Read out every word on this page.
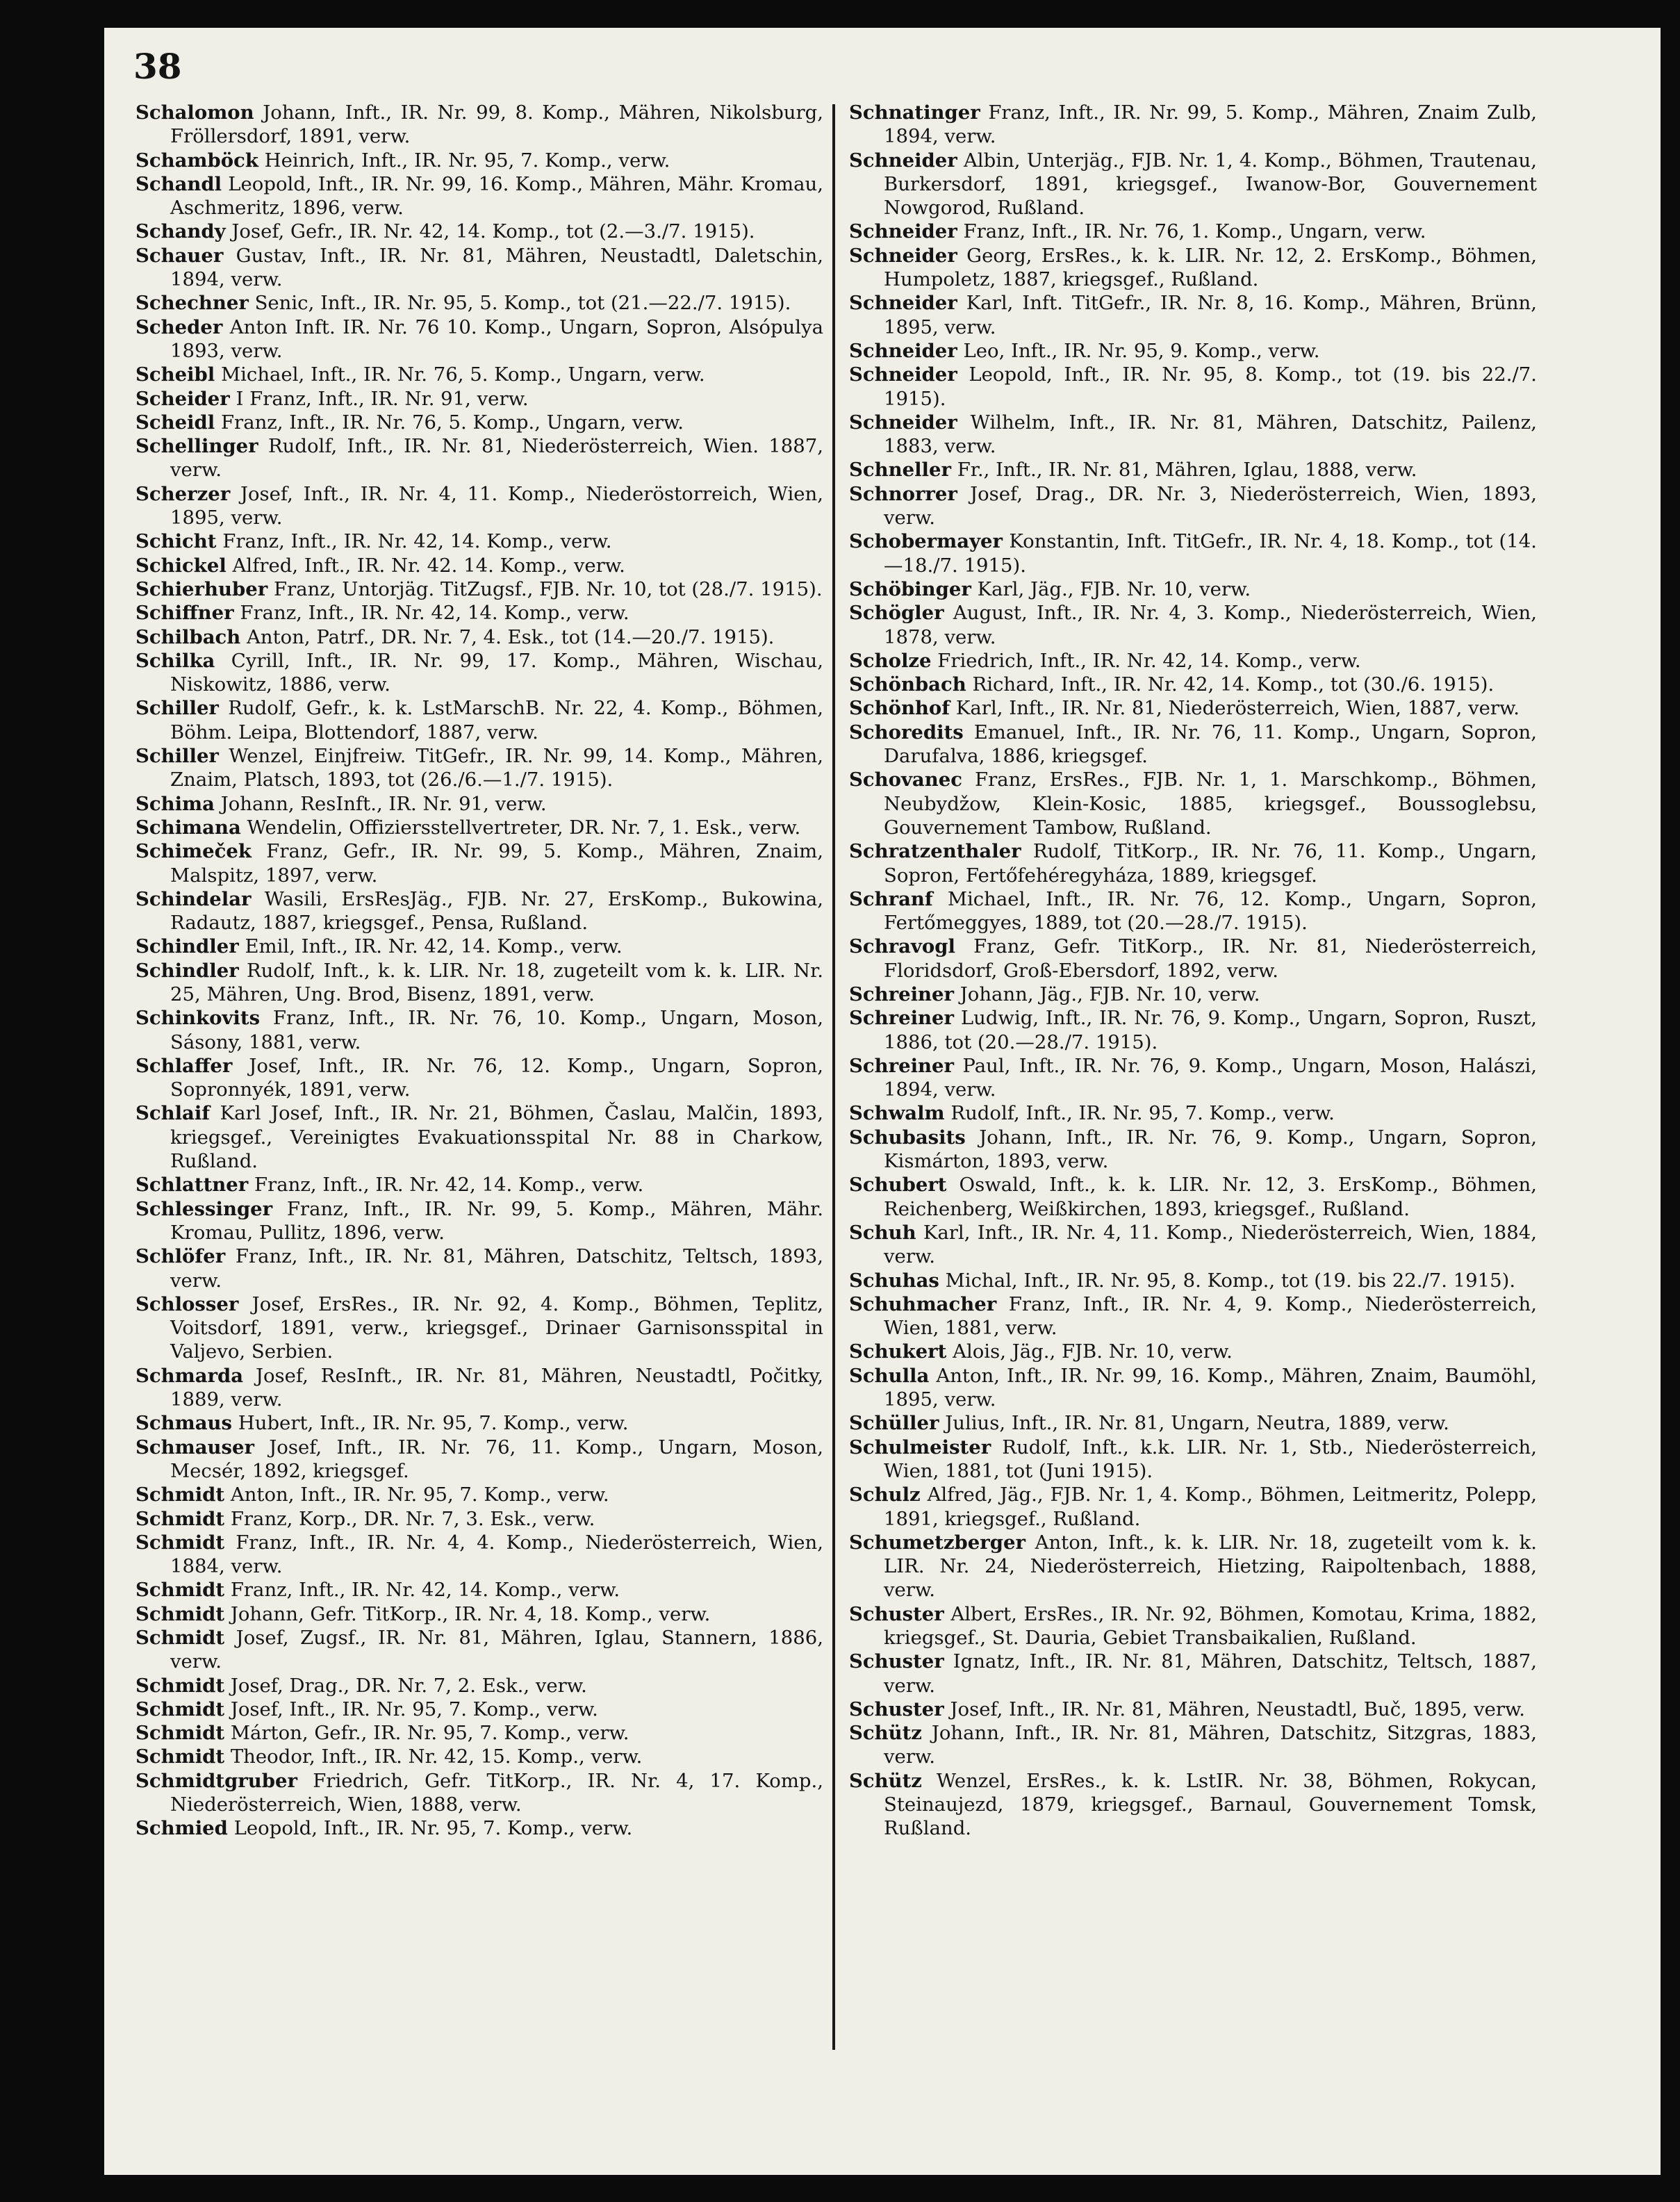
38

Schalomon Johann, Inft., IR. Nr. 99, 8. Komp., Mähren, Nikolsburg, Fröllersdorf, 1891, verw.

Schamböck Heinrich, Inft., IR. Nr. 95, 7. Komp., verw.

Schandl Leopold, Inft., IR. Nr. 99, 16. Komp., Mähren, Mähr. Kromau, Aschmeritz, 1896, verw.

Schandy Josef, Gefr., IR. Nr. 42, 14. Komp., tot (2.—3./7. 1915).

Schauer Gustav, Inft., IR. Nr. 81, Mähren, Neustadtl, Daletschin, 1894, verw.

Schechner Senic, Inft., IR. Nr. 95, 5. Komp., tot (21.—22./7. 1915).

Scheder Anton Inft. IR. Nr. 76 10. Komp., Ungarn, Sopron, Alsópulya 1893, verw.

Scheibl Michael, Inft., IR. Nr. 76, 5. Komp., Ungarn, verw.

Scheider I Franz, Inft., IR. Nr. 91, verw.

Scheidl Franz, Inft., IR. Nr. 76, 5. Komp., Ungarn, verw.

Schellinger Rudolf, Inft., IR. Nr. 81, Niederösterreich, Wien. 1887, verw.

Scherzer Josef, Inft., IR. Nr. 4, 11. Komp., Niederöstorreich, Wien, 1895, verw.

Schicht Franz, Inft., IR. Nr. 42, 14. Komp., verw.

Schickel Alfred, Inft., IR. Nr. 42. 14. Komp., verw.

Schierhuber Franz, Untorjäg. TitZugsf., FJB. Nr. 10, tot (28./7. 1915).

Schiffner Franz, Inft., IR. Nr. 42, 14. Komp., verw.

Schilbach Anton, Patrf., DR. Nr. 7, 4. Esk., tot (14.—20./7. 1915).

Schilka Cyrill, Inft., IR. Nr. 99, 17. Komp., Mähren, Wischau, Niskowitz, 1886, verw.

Schiller Rudolf, Gefr., k. k. LstMarschB. Nr. 22, 4. Komp., Böhmen, Böhm. Leipa, Blottendorf, 1887, verw.

Schiller Wenzel, Einjfreiw. TitGefr., IR. Nr. 99, 14. Komp., Mähren, Znaim, Platsch, 1893, tot (26./6.—1./7. 1915).

Schima Johann, ResInft., IR. Nr. 91, verw.

Schimana Wendelin, Offiziersstellvertreter, DR. Nr. 7, 1. Esk., verw.

Schimeček Franz, Gefr., IR. Nr. 99, 5. Komp., Mähren, Znaim, Malspitz, 1897, verw.

Schindelar Wasili, ErsResJäg., FJB. Nr. 27, ErsKomp., Bukowina, Radautz, 1887, kriegsgef., Pensa, Rußland.

Schindler Emil, Inft., IR. Nr. 42, 14. Komp., verw.

Schindler Rudolf, Inft., k. k. LIR. Nr. 18, zugeteilt vom k. k. LIR. Nr. 25, Mähren, Ung. Brod, Bisenz, 1891, verw.

Schinkovits Franz, Inft., IR. Nr. 76, 10. Komp., Ungarn, Moson, Sásony, 1881, verw.

Schlaffer Josef, Inft., IR. Nr. 76, 12. Komp., Ungarn, Sopron, Sopronnyék, 1891, verw.

Schlaif Karl Josef, Inft., IR. Nr. 21, Böhmen, Časlau, Malčin, 1893, kriegsgef., Vereinigtes Evakuationsspital Nr. 88 in Charkow, Rußland.

Schlattner Franz, Inft., IR. Nr. 42, 14. Komp., verw.

Schlessinger Franz, Inft., IR. Nr. 99, 5. Komp., Mähren, Mähr. Kromau, Pullitz, 1896, verw.

Schlöfer Franz, Inft., IR. Nr. 81, Mähren, Datschitz, Teltsch, 1893, verw.

Schlosser Josef, ErsRes., IR. Nr. 92, 4. Komp., Böhmen, Teplitz, Voitsdorf, 1891, verw., kriegsgef., Drinaer Garnisonsspital in Valjevo, Serbien.

Schmarda Josef, ResInft., IR. Nr. 81, Mähren, Neustadtl, Počitky, 1889, verw.

Schmaus Hubert, Inft., IR. Nr. 95, 7. Komp., verw.

Schmauser Josef, Inft., IR. Nr. 76, 11. Komp., Ungarn, Moson, Mecsér, 1892, kriegsgef.

Schmidt Anton, Inft., IR. Nr. 95, 7. Komp., verw.

Schmidt Franz, Korp., DR. Nr. 7, 3. Esk., verw.

Schmidt Franz, Inft., IR. Nr. 4, 4. Komp., Niederösterreich, Wien, 1884, verw.

Schmidt Franz, Inft., IR. Nr. 42, 14. Komp., verw.

Schmidt Johann, Gefr. TitKorp., IR. Nr. 4, 18. Komp., verw.

Schmidt Josef, Zugsf., IR. Nr. 81, Mähren, Iglau, Stannern, 1886, verw.

Schmidt Josef, Drag., DR. Nr. 7, 2. Esk., verw.

Schmidt Josef, Inft., IR. Nr. 95, 7. Komp., verw.

Schmidt Márton, Gefr., IR. Nr. 95, 7. Komp., verw.

Schmidt Theodor, Inft., IR. Nr. 42, 15. Komp., verw.

Schmidtgruber Friedrich, Gefr. TitKorp., IR. Nr. 4, 17. Komp., Niederösterreich, Wien, 1888, verw.

Schmied Leopold, Inft., IR. Nr. 95, 7. Komp., verw.

Schnatinger Franz, Inft., IR. Nr. 99, 5. Komp., Mähren, Znaim Zulb, 1894, verw.

Schneider Albin, Unterjäg., FJB. Nr. 1, 4. Komp., Böhmen, Trautenau, Burkersdorf, 1891, kriegsgef., Iwanow-Bor, Gouvernement Nowgorod, Rußland.

Schneider Franz, Inft., IR. Nr. 76, 1. Komp., Ungarn, verw.

Schneider Georg, ErsRes., k. k. LIR. Nr. 12, 2. ErsKomp., Böhmen, Humpoletz, 1887, kriegsgef., Rußland.

Schneider Karl, Inft. TitGefr., IR. Nr. 8, 16. Komp., Mähren, Brünn, 1895, verw.

Schneider Leo, Inft., IR. Nr. 95, 9. Komp., verw.

Schneider Leopold, Inft., IR. Nr. 95, 8. Komp., tot (19. bis 22./7. 1915).

Schneider Wilhelm, Inft., IR. Nr. 81, Mähren, Datschitz, Pailenz, 1883, verw.

Schneller Fr., Inft., IR. Nr. 81, Mähren, Iglau, 1888, verw.

Schnorrer Josef, Drag., DR. Nr. 3, Niederösterreich, Wien, 1893, verw.

Schobermayer Konstantin, Inft. TitGefr., IR. Nr. 4, 18. Komp., tot (14.—18./7. 1915).

Schöbinger Karl, Jäg., FJB. Nr. 10, verw.

Schögler August, Inft., IR. Nr. 4, 3. Komp., Niederösterreich, Wien, 1878, verw.

Scholze Friedrich, Inft., IR. Nr. 42, 14. Komp., verw.

Schönbach Richard, Inft., IR. Nr. 42, 14. Komp., tot (30./6. 1915).

Schönhof Karl, Inft., IR. Nr. 81, Niederösterreich, Wien, 1887, verw.

Schoredits Emanuel, Inft., IR. Nr. 76, 11. Komp., Ungarn, Sopron, Darufalva, 1886, kriegsgef.

Schovanec Franz, ErsRes., FJB. Nr. 1, 1. Marschkomp., Böhmen, Neubydžow, Klein-Kosic, 1885, kriegsgef., Boussoglebsu, Gouvernement Tambow, Rußland.

Schratzenthaler Rudolf, TitKorp., IR. Nr. 76, 11. Komp., Ungarn, Sopron, Fertőfehéregyháza, 1889, kriegsgef.

Schranf Michael, Inft., IR. Nr. 76, 12. Komp., Ungarn, Sopron, Fertőmeggyes, 1889, tot (20.—28./7. 1915).

Schravogl Franz, Gefr. TitKorp., IR. Nr. 81, Niederösterreich, Floridsdorf, Groß-Ebersdorf, 1892, verw.

Schreiner Johann, Jäg., FJB. Nr. 10, verw.

Schreiner Ludwig, Inft., IR. Nr. 76, 9. Komp., Ungarn, Sopron, Ruszt, 1886, tot (20.—28./7. 1915).

Schreiner Paul, Inft., IR. Nr. 76, 9. Komp., Ungarn, Moson, Halászi, 1894, verw.

Schwalm Rudolf, Inft., IR. Nr. 95, 7. Komp., verw.

Schubasits Johann, Inft., IR. Nr. 76, 9. Komp., Ungarn, Sopron, Kismárton, 1893, verw.

Schubert Oswald, Inft., k. k. LIR. Nr. 12, 3. ErsKomp., Böhmen, Reichenberg, Weißkirchen, 1893, kriegsgef., Rußland.

Schuh Karl, Inft., IR. Nr. 4, 11. Komp., Niederösterreich, Wien, 1884, verw.

Schuhas Michal, Inft., IR. Nr. 95, 8. Komp., tot (19. bis 22./7. 1915).

Schuhmacher Franz, Inft., IR. Nr. 4, 9. Komp., Niederösterreich, Wien, 1881, verw.

Schukert Alois, Jäg., FJB. Nr. 10, verw.

Schulla Anton, Inft., IR. Nr. 99, 16. Komp., Mähren, Znaim, Baumöhl, 1895, verw.

Schüller Julius, Inft., IR. Nr. 81, Ungarn, Neutra, 1889, verw.

Schulmeister Rudolf, Inft., k.k. LIR. Nr. 1, Stb., Niederösterreich, Wien, 1881, tot (Juni 1915).

Schulz Alfred, Jäg., FJB. Nr. 1, 4. Komp., Böhmen, Leitmeritz, Polepp, 1891, kriegsgef., Rußland.

Schumetzberger Anton, Inft., k. k. LIR. Nr. 18, zugeteilt vom k. k. LIR. Nr. 24, Niederösterreich, Hietzing, Raipoltenbach, 1888, verw.

Schuster Albert, ErsRes., IR. Nr. 92, Böhmen, Komotau, Krima, 1882, kriegsgef., St. Dauria, Gebiet Transbaikalien, Rußland.

Schuster Ignatz, Inft., IR. Nr. 81, Mähren, Datschitz, Teltsch, 1887, verw.

Schuster Josef, Inft., IR. Nr. 81, Mähren, Neustadtl, Buč, 1895, verw.

Schütz Johann, Inft., IR. Nr. 81, Mähren, Datschitz, Sitzgras, 1883, verw.

Schütz Wenzel, ErsRes., k. k. LstIR. Nr. 38, Böhmen, Rokycan, Steinaujezd, 1879, kriegsgef., Barnaul, Gouvernement Tomsk, Rußland.
